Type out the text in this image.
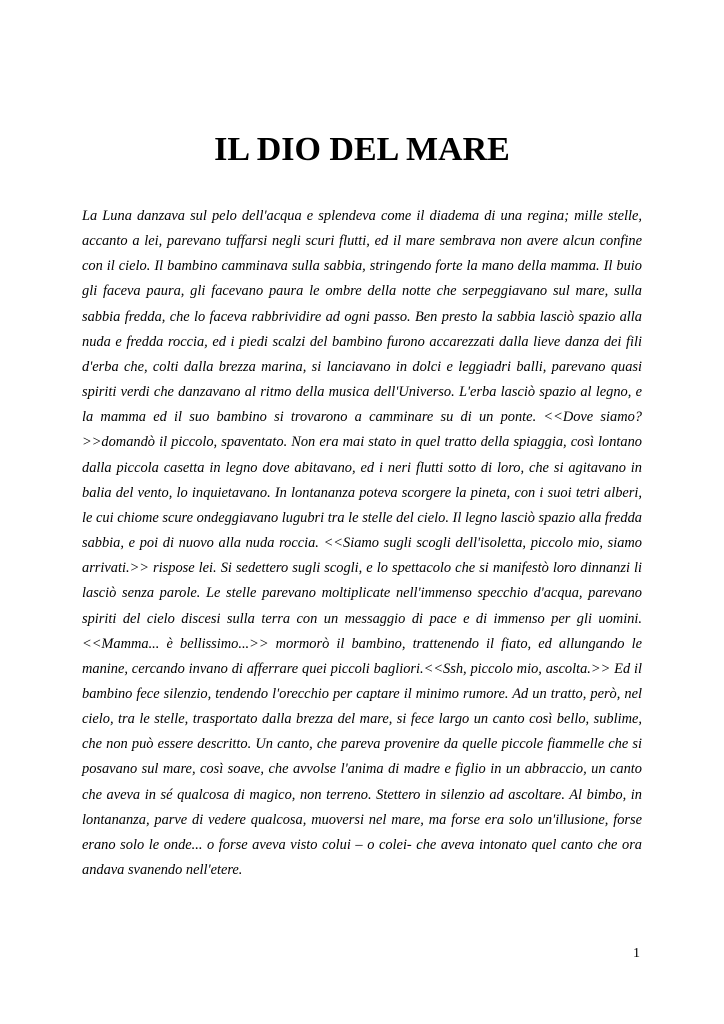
IL DIO DEL MARE

La Luna danzava sul pelo dell'acqua e splendeva come il diadema di una regina; mille stelle, accanto a lei, parevano tuffarsi negli scuri flutti, ed il mare sembrava non avere alcun confine con il cielo. Il bambino camminava sulla sabbia, stringendo forte la mano della mamma. Il buio gli faceva paura, gli facevano paura le ombre della notte che serpeggiavano sul mare, sulla sabbia fredda, che lo faceva rabbrividire ad ogni passo. Ben presto la sabbia lasciò spazio alla nuda e fredda roccia, ed i piedi scalzi del bambino furono accarezzati dalla lieve danza dei fili d'erba che, colti dalla brezza marina, si lanciavano in dolci e leggiadri balli, parevano quasi spiriti verdi che danzavano al ritmo della musica dell'Universo. L'erba lasciò spazio al legno, e la mamma ed il suo bambino si trovarono a camminare su di un ponte. <<Dove siamo?>>domandò il piccolo, spaventato. Non era mai stato in quel tratto della spiaggia, così lontano dalla piccola casetta in legno dove abitavano, ed i neri flutti sotto di loro, che si agitavano in balia del vento, lo inquietavano. In lontananza poteva scorgere la pineta, con i suoi tetri alberi, le cui chiome scure ondeggiavano lugubri tra le stelle del cielo. Il legno lasciò spazio alla fredda sabbia, e poi di nuovo alla nuda roccia. <<Siamo sugli scogli dell'isoletta, piccolo mio, siamo arrivati.>> rispose lei. Si sedettero sugli scogli, e lo spettacolo che si manifestò loro dinnanzi li lasciò senza parole. Le stelle parevano moltiplicate nell'immenso specchio d'acqua, parevano spiriti del cielo discesi sulla terra con un messaggio di pace e di immenso per gli uomini. <<Mamma... è bellissimo...>> mormorò il bambino, trattenendo il fiato, ed allungando le manine, cercando invano di afferrare quei piccoli bagliori.<<Ssh, piccolo mio, ascolta.>> Ed il bambino fece silenzio, tendendo l'orecchio per captare il minimo rumore. Ad un tratto, però, nel cielo, tra le stelle, trasportato dalla brezza del mare, si fece largo un canto così bello, sublime, che non può essere descritto. Un canto, che pareva provenire da quelle piccole fiammelle che si posavano sul mare, così soave, che avvolse l'anima di madre e figlio in un abbraccio, un canto che aveva in sé qualcosa di magico, non terreno. Stettero in silenzio ad ascoltare. Al bimbo, in lontananza, parve di vedere qualcosa, muoversi nel mare, ma forse era solo un'illusione, forse erano solo le onde... o forse aveva visto colui – o colei- che aveva intonato quel canto che ora andava svanendo nell'etere.

1
